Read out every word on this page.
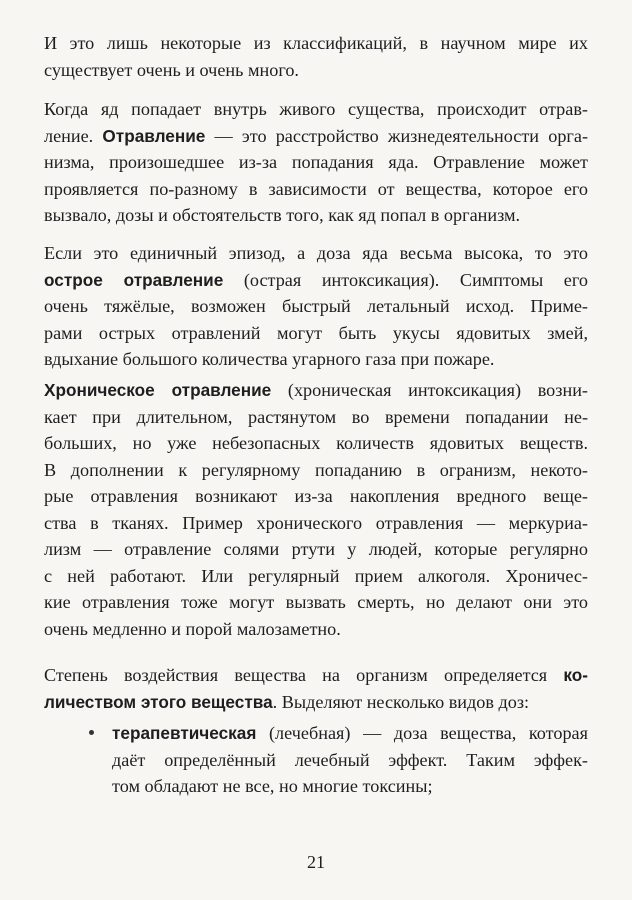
И это лишь некоторые из классификаций, в научном мире их
существует очень и очень много.

Когда яд попадает внутрь живого существа, происходит отрав-
ление. Отравление — это расстройство жизнедеятельности орга-
низма, произошедшее из-за попадания яда. Отравление может
проявляется по-разному в зависимости от вещества, которое его
вызвало, дозы и обстоятельств того, как яд попал в организм.

Если это единичный эпизод, а доза яда весьма высока, то это
острое отравление (острая интоксикация). Симптомы его
очень тяжёлые, возможен быстрый летальный исход. Приме-
рами острых отравлений могут быть укусы ядовитых змей,
вдыхание большого количества угарного газа при пожаре.

Хроническое отравление (хроническая интоксикация) возни-
кает при длительном, растянутом во времени попадании не-
больших, но уже небезопасных количеств ядовитых веществ.
В дополнении к регулярному попаданию в огранизм, некото-
рые отравления возникают из-за накопления вредного веще-
ства в тканях. Пример хронического отравления — меркуриа-
лизм — отравление солями ртути у людей, которые регулярно
с ней работают. Или регулярный прием алкоголя. Хроничес-
кие отравления тоже могут вызвать смерть, но делают они это
очень медленно и порой малозаметно.

Степень воздействия вещества на организм определяется ко-
личеством этого вещества. Выделяют несколько видов доз:

терапевтическая (лечебная) — доза вещества, которая
даёт определённый лечебный эффект. Таким эффек-
том обладают не все, но многие токсины;
21
